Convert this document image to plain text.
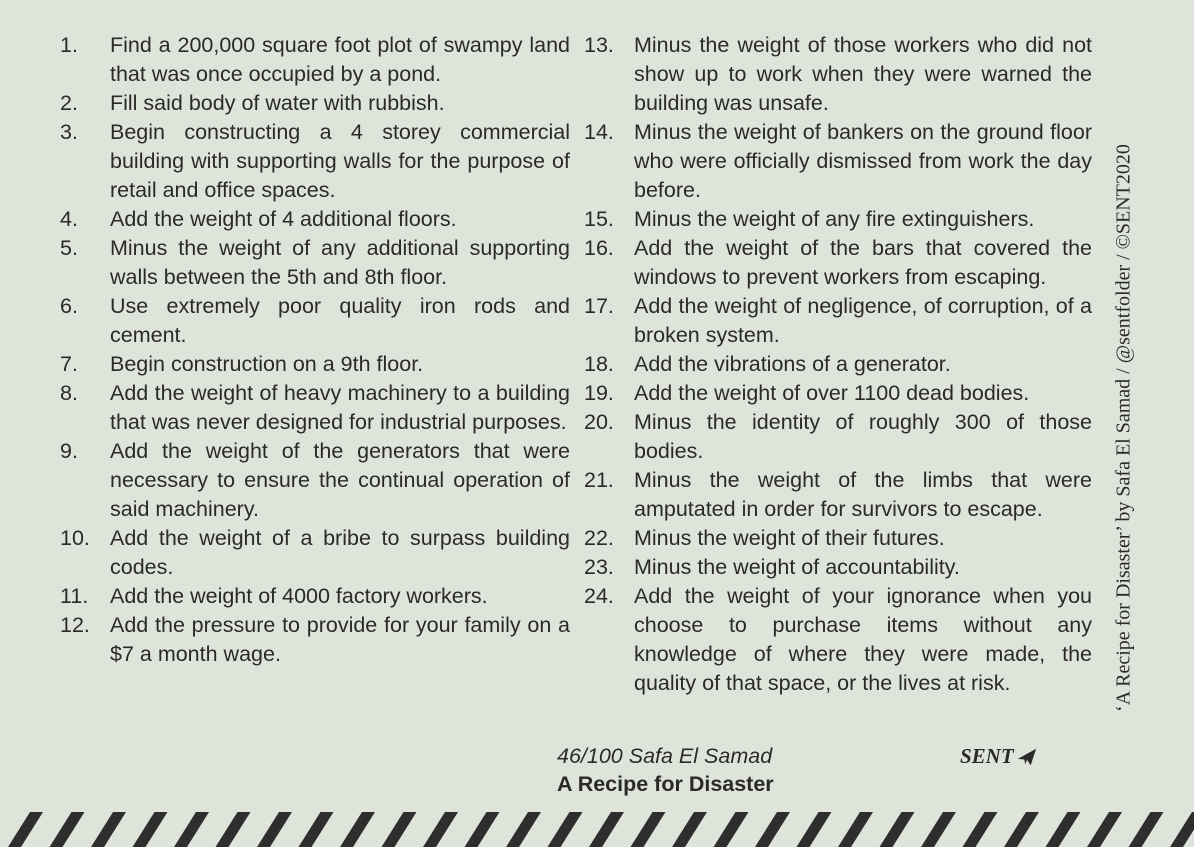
1.	Find a 200,000 square foot plot of swampy land that was once occupied by a pond.
2.	Fill said body of water with rubbish.
3.	Begin constructing a 4 storey commercial building with supporting walls for the purpose of retail and office spaces.
4.	Add the weight of 4 additional floors.
5.	Minus the weight of any additional supporting walls between the 5th and 8th floor.
6.	Use extremely poor quality iron rods and cement.
7.	Begin construction on a 9th floor.
8.	Add the weight of heavy machinery to a building that was never designed for industrial purposes.
9.	Add the weight of the generators that were necessary to ensure the continual operation of said machinery.
10. Add the weight of a bribe to surpass building codes.
11.	Add the weight of 4000 factory workers.
12. Add the pressure to provide for your family on a $7 a month wage.
13. Minus the weight of those workers who did not show up to work when they were warned the building was unsafe.
14. Minus the weight of bankers on the ground floor who were officially dismissed from work the day before.
15. Minus the weight of any fire extinguishers.
16. Add the weight of the bars that covered the windows to prevent workers from escaping.
17. Add the weight of negligence, of corruption, of a broken system.
18. Add the vibrations of a generator.
19. Add the weight of over 1100 dead bodies.
20. Minus the identity of roughly 300 of those bodies.
21. Minus the weight of the limbs that were amputated in order for survivors to escape.
22. Minus the weight of their futures.
23. Minus the weight of accountability.
24. Add the weight of your ignorance when you choose to purchase items without any knowledge of where they were made, the quality of that space, or the lives at risk.	‘A Recipe for Disaster’ by Safa El Samad / @sentfolder / ©SENT2020
46/100 Safa El Samad
A Recipe for Disaster
SENT
